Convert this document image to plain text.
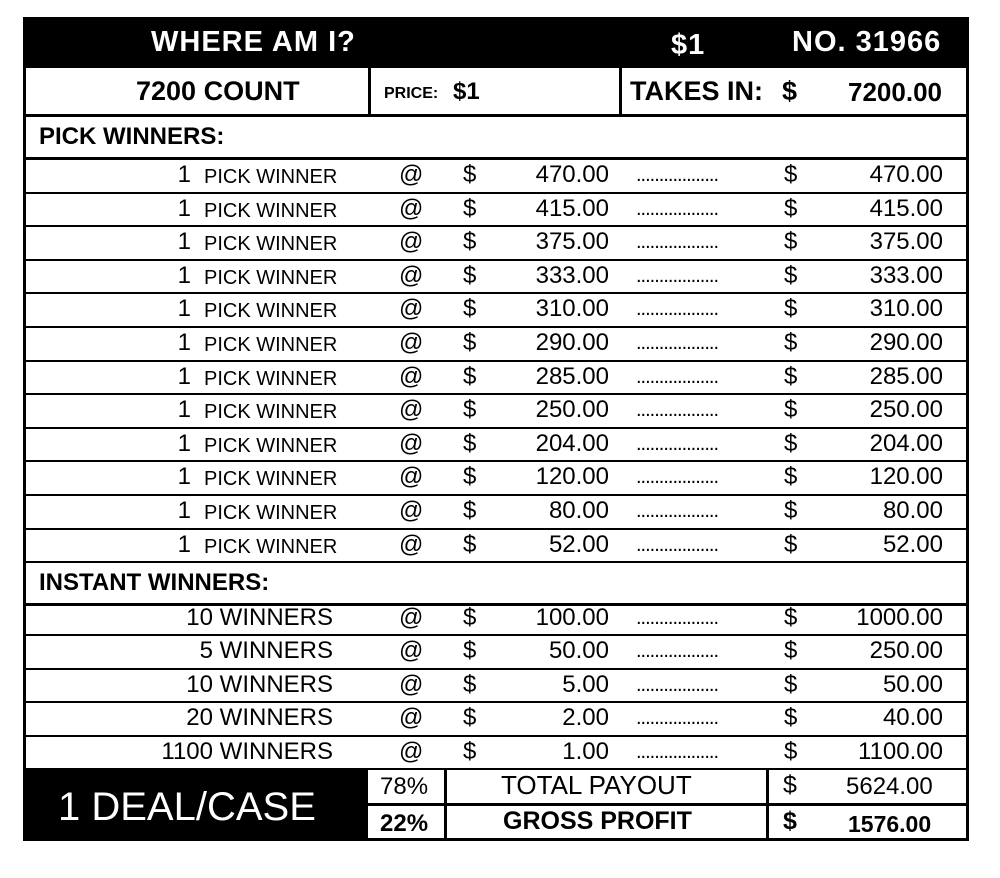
WHERE AM I?	$1	NO. 31966
7200 COUNT	PRICE: $1	TAKES IN: $ 7200.00
PICK WINNERS:
1 PICK WINNER	@ $	470.00 ..................	$	470.00
1 PICK WINNER	@ $	415.00 ..................	$	415.00
1 PICK WINNER	@ $	375.00 ..................	$	375.00
1 PICK WINNER	@ $	333.00 ..................	$	333.00
1 PICK WINNER	@ $	310.00 ..................	$	310.00
1 PICK WINNER	@ $	290.00 ..................	$	290.00
1 PICK WINNER	@ $	285.00 ..................	$	285.00
1 PICK WINNER	@ $	250.00 ..................	$	250.00
1 PICK WINNER	@ $	204.00 ..................	$	204.00
1 PICK WINNER	@ $	120.00 ..................	$	120.00
1 PICK WINNER	@ $	80.00 ..................	$	80.00
1 PICK WINNER	@ $	52.00 ..................	$	52.00
INSTANT WINNERS:
10 WINNERS	@ $	100.00 ..................	$	1000.00
5 WINNERS	@ $	50.00 ..................	$	250.00
10 WINNERS	@ $	5.00 ..................	$	50.00
20 WINNERS	@ $	2.00 ..................	$	40.00
1100 WINNERS	@ $	1.00 ..................	$	1100.00
1 DEAL/CASE	78%	TOTAL PAYOUT	$ 5624.00
22%	GROSS PROFIT	$ 1576.00
